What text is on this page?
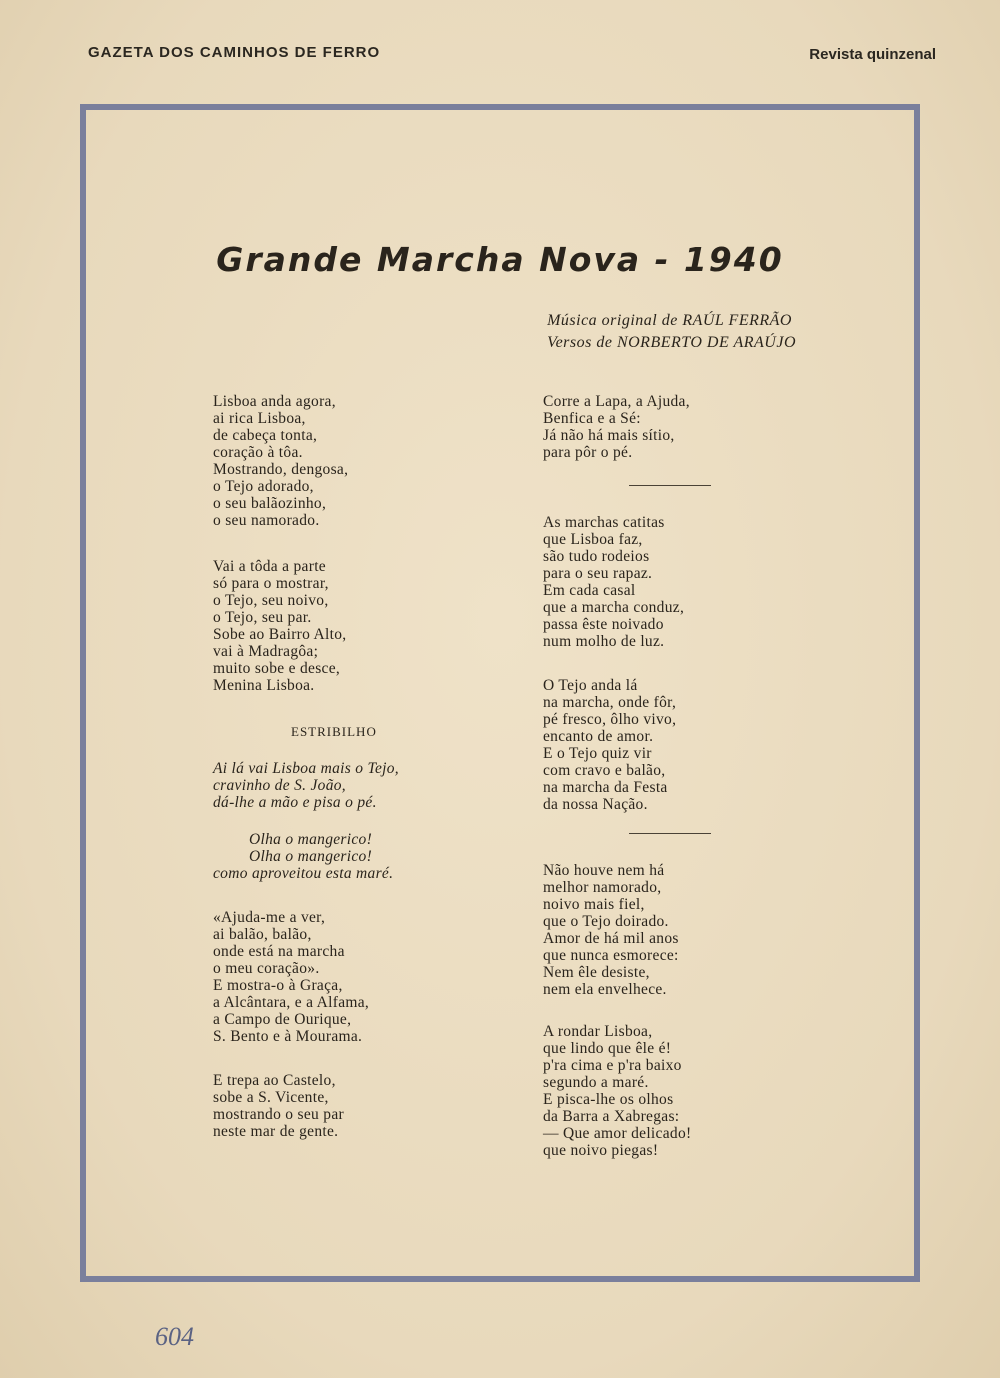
GAZETA DOS CAMINHOS DE FERRO	Revista quinzenal
Grande Marcha Nova - 1940
Música original de RAÚL FERRÃO
Versos de NORBERTO DE ARAÚJO
Lisboa anda agora,
ai rica Lisboa,
de cabeça tonta,
coração à tôa.
Mostrando, dengosa,
o Tejo adorado,
o seu balãozinho,
o seu namorado.
Vai a tôda a parte
só para o mostrar,
o Tejo, seu noivo,
o Tejo, seu par.
Sobe ao Bairro Alto,
vai à Madragôa;
muito sobe e desce,
Menina Lisboa.
ESTRIBILHO
Ai lá vai Lisboa mais o Tejo,
cravinho de S. João,
dá-lhe a mão e pisa o pé.
Olha o mangerico!
Olha o mangerico!
como aproveitou esta maré.
«Ajuda-me a ver,
ai balão, balão,
onde está na marcha
o meu coração».
E mostra-o à Graça,
a Alcântara, e a Alfama,
a Campo de Ourique,
S. Bento e à Mourama.
E trepa ao Castelo,
sobe a S. Vicente,
mostrando o seu par
neste mar de gente.
Corre a Lapa, a Ajuda,
Benfica e a Sé:
Já não há mais sítio,
para pôr o pé.
As marchas catitas
que Lisboa faz,
são tudo rodeios
para o seu rapaz.
Em cada casal
que a marcha conduz,
passa êste noivado
num molho de luz.
O Tejo anda lá
na marcha, onde fôr,
pé fresco, ôlho vivo,
encanto de amor.
E o Tejo quiz vir
com cravo e balão,
na marcha da Festa
da nossa Nação.
Não houve nem há
melhor namorado,
noivo mais fiel,
que o Tejo doirado.
Amor de há mil anos
que nunca esmorece:
Nem êle desiste,
nem ela envelhece.
A rondar Lisboa,
que lindo que êle é!
p'ra cima e p'ra baixo
segundo a maré.
E pisca-lhe os olhos
da Barra a Xabregas:
— Que amor delicado!
que noivo piegas!
604
